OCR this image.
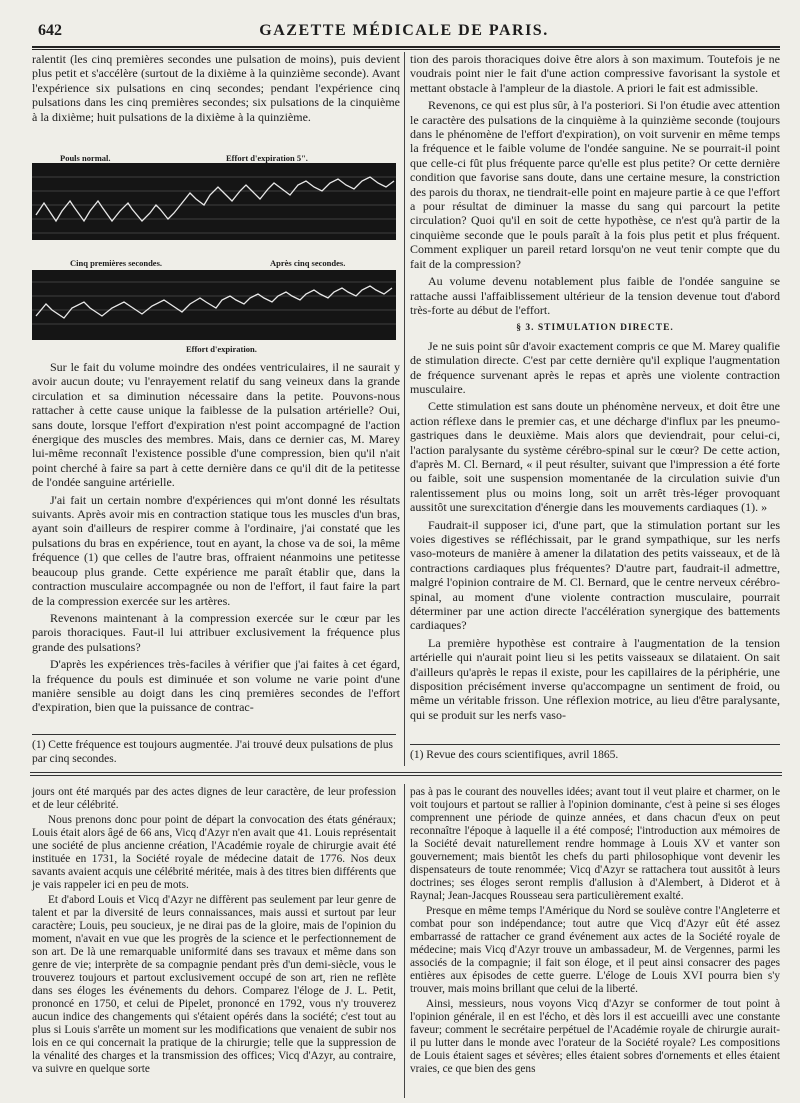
642	GAZETTE MÉDICALE DE PARIS.

ralentit (les cinq premières secondes une pulsation de moins), puis devient plus petit et s'accélère (surtout de la dixième à la quinzième seconde). Avant l'expérience six pulsations en cinq secondes; pendant l'expérience cinq pulsations dans les cinq premières secondes; six pulsations de la cinquième à la dixième; huit pulsations de la dixième à la quinzième.

Pouls normal.	Effort d'expiration 5".
Cinq premières secondes.	Après cinq secondes.
Effort d'expiration.

Sur le fait du volume moindre des ondées ventriculaires, il ne saurait y avoir aucun doute; vu l'enrayement relatif du sang veineux dans la grande circulation et sa diminution nécessaire dans la petite. Pouvons-nous rattacher à cette cause unique la faiblesse de la pulsation artérielle? Oui, sans doute, lorsque l'effort d'expiration n'est point accompagné de l'action énergique des muscles des membres. Mais, dans ce dernier cas, M. Marey lui-même reconnaît l'existence possible d'une compression, bien qu'il n'ait point cherché à faire sa part à cette dernière dans ce qu'il dit de la petitesse de l'ondée sanguine artérielle.

J'ai fait un certain nombre d'expériences qui m'ont donné les résultats suivants. Après avoir mis en contraction statique tous les muscles d'un bras, ayant soin d'ailleurs de respirer comme à l'ordinaire, j'ai constaté que les pulsations du bras en expérience, tout en ayant, la chose va de soi, la même fréquence (1) que celles de l'autre bras, offraient néanmoins une petitesse beaucoup plus grande. Cette expérience me paraît établir que, dans la contraction musculaire accompagnée ou non de l'effort, il faut faire la part de la compression exercée sur les artères.

Revenons maintenant à la compression exercée sur le cœur par les parois thoraciques. Faut-il lui attribuer exclusivement la fréquence plus grande des pulsations?

D'après les expériences très-faciles à vérifier que j'ai faites à cet égard, la fréquence du pouls est diminuée et son volume ne varie point d'une manière sensible au doigt dans les cinq premières secondes de l'effort d'expiration, bien que la puissance de contrac-

(1) Cette fréquence est toujours augmentée. J'ai trouvé deux pulsations de plus par cinq secondes.

tion des parois thoraciques doive être alors à son maximum. Toutefois je ne voudrais point nier le fait d'une action compressive favorisant la systole et mettant obstacle à l'ampleur de la diastole. A priori le fait est admissible.

Revenons, ce qui est plus sûr, à l'a posteriori. Si l'on étudie avec attention le caractère des pulsations de la cinquième à la quinzième seconde (toujours dans le phénomène de l'effort d'expiration), on voit survenir en même temps la fréquence et le faible volume de l'ondée sanguine. Ne se pourrait-il point que celle-ci fût plus fréquente parce qu'elle est plus petite? Or cette dernière condition que favorise sans doute, dans une certaine mesure, la constriction des parois du thorax, ne tiendrait-elle point en majeure partie à ce que l'effort a pour résultat de diminuer la masse du sang qui parcourt la petite circulation? Quoi qu'il en soit de cette hypothèse, ce n'est qu'à partir de la cinquième seconde que le pouls paraît à la fois plus petit et plus fréquent. Comment expliquer un pareil retard lorsqu'on ne veut tenir compte que du fait de la compression?

Au volume devenu notablement plus faible de l'ondée sanguine se rattache aussi l'affaiblissement ultérieur de la tension devenue tout d'abord très-forte au début de l'effort.

§ 3. STIMULATION DIRECTE.

Je ne suis point sûr d'avoir exactement compris ce que M. Marey qualifie de stimulation directe. C'est par cette dernière qu'il explique l'augmentation de fréquence survenant après le repas et après une violente contraction musculaire.

Cette stimulation est sans doute un phénomène nerveux, et doit être une action réflexe dans le premier cas, et une décharge d'influx par les pneumo-gastriques dans le deuxième. Mais alors que deviendrait, pour celui-ci, l'action paralysante du système cérébro-spinal sur le cœur? De cette action, d'après M. Cl. Bernard, « il peut résulter, suivant que l'impression a été forte ou faible, soit une suspension momentanée de la circulation suivie d'un ralentissement plus ou moins long, soit un arrêt très-léger provoquant aussitôt une surexcitation d'énergie dans les mouvements cardiaques (1). »

Faudrait-il supposer ici, d'une part, que la stimulation portant sur les voies digestives se réfléchissait, par le grand sympathique, sur les nerfs vaso-moteurs de manière à amener la dilatation des petits vaisseaux, et de là contractions cardiaques plus fréquentes? D'autre part, faudrait-il admettre, malgré l'opinion contraire de M. Cl. Bernard, que le centre nerveux cérébro-spinal, au moment d'une violente contraction musculaire, pourrait déterminer par une action directe l'accélération synergique des battements cardiaques?

La première hypothèse est contraire à l'augmentation de la tension artérielle qui n'aurait point lieu si les petits vaisseaux se dilataient. On sait d'ailleurs qu'après le repas il existe, pour les capillaires de la périphérie, une disposition précisément inverse qu'accompagne un sentiment de froid, ou même un véritable frisson. Une réflexion motrice, au lieu d'être paralysante, qui se produit sur les nerfs vaso-

(1) Revue des cours scientifiques, avril 1865.

jours ont été marqués par des actes dignes de leur caractère, de leur profession et de leur célébrité.

Nous prenons donc pour point de départ la convocation des états généraux; Louis était alors âgé de 66 ans, Vicq d'Azyr n'en avait que 41. Louis représentait une société de plus ancienne création, l'Académie royale de chirurgie avait été instituée en 1731, la Société royale de médecine datait de 1776. Nos deux savants avaient acquis une célébrité méritée, mais à des titres bien différents que je vais rappeler ici en peu de mots.

Et d'abord Louis et Vicq d'Azyr ne diffèrent pas seulement par leur genre de talent et par la diversité de leurs connaissances, mais aussi et surtout par leur caractère; Louis, peu soucieux, je ne dirai pas de la gloire, mais de l'opinion du moment, n'avait en vue que les progrès de la science et le perfectionnement de son art. De là une remarquable uniformité dans ses travaux et même dans son genre de vie; interprète de sa compagnie pendant près d'un demi-siècle, vous le trouverez toujours et partout exclusivement occupé de son art, rien ne reflète dans ses éloges les événements du dehors. Comparez l'éloge de J. L. Petit, prononcé en 1750, et celui de Pipelet, prononcé en 1792, vous n'y trouverez aucun indice des changements qui s'étaient opérés dans la société; c'est tout au plus si Louis s'arrête un moment sur les modifications que venaient de subir nos lois en ce qui concernait la pratique de la chirurgie; telle que la suppression de la vénalité des charges et la transmission des offices; Vicq d'Azyr, au contraire, va suivre en quelque sorte

pas à pas le courant des nouvelles idées; avant tout il veut plaire et charmer, on le voit toujours et partout se rallier à l'opinion dominante, c'est à peine si ses éloges comprennent une période de quinze années, et dans chacun d'eux on peut reconnaître l'époque à laquelle il a été composé; l'introduction aux mémoires de la Société devait naturellement rendre hommage à Louis XV et vanter son gouvernement; mais bientôt les chefs du parti philosophique vont devenir les dispensateurs de toute renommée; Vicq d'Azyr se rattachera tout aussitôt à leurs doctrines; ses éloges seront remplis d'allusion à d'Alembert, à Diderot et à Raynal; Jean-Jacques Rousseau sera particulièrement exalté.

Presque en même temps l'Amérique du Nord se soulève contre l'Angleterre et combat pour son indépendance; tout autre que Vicq d'Azyr eût été assez embarrassé de rattacher ce grand événement aux actes de la Société royale de médecine; mais Vicq d'Azyr trouve un ambassadeur, M. de Vergennes, parmi les associés de la compagnie; il fait son éloge, et il peut ainsi consacrer des pages entières aux épisodes de cette guerre. L'éloge de Louis XVI pourra bien s'y trouver, mais moins brillant que celui de la liberté.

Ainsi, messieurs, nous voyons Vicq d'Azyr se conformer de tout point à l'opinion générale, il en est l'écho, et dès lors il est accueilli avec une constante faveur; comment le secrétaire perpétuel de l'Académie royale de chirurgie aurait-il pu lutter dans le monde avec l'orateur de la Société royale? Les compositions de Louis étaient sages et sévères; elles étaient sobres d'ornements et elles étaient vraies, ce que bien des gens
